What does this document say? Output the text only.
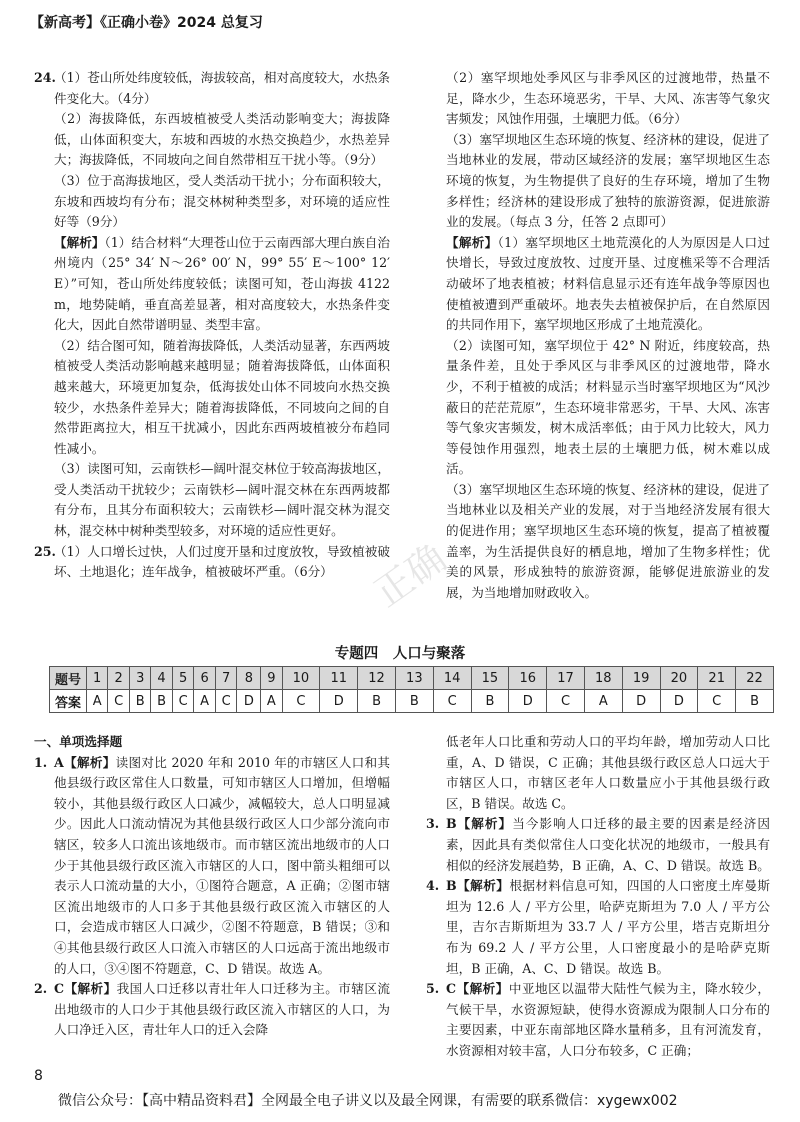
【新高考】《正确小卷》2024 总复习
正确

24.（1）苍山所处纬度较低，海拔较高，相对高度较大，水热条件变化大。（4分）

（2）海拔降低，东西坡植被受人类活动影响变大；海拔降低，山体面积变大，东坡和西坡的水热交换趋少，水热差异大；海拔降低，不同坡向之间自然带相互干扰小等。（9分）

（3）位于高海拔地区，受人类活动干扰小；分布面积较大，东坡和西坡均有分布；混交林树种类型多，对环境的适应性好等（9分）

【解析】（1）结合材料“大理苍山位于云南西部大理白族自治州境内（25° 34′ N～26° 00′ N，99° 55′ E～100° 12′ E）”可知，苍山所处纬度较低；读图可知，苍山海拔 4122 m，地势陡峭，垂直高差显著，相对高度较大，水热条件变化大，因此自然带谱明显、类型丰富。

（2）结合图可知，随着海拔降低，人类活动显著，东西两坡植被受人类活动影响越来越明显；随着海拔降低，山体面积越来越大，环境更加复杂，低海拔处山体不同坡向水热交换较少，水热条件差异大；随着海拔降低，不同坡向之间的自然带距离拉大，相互干扰减小，因此东西两坡植被分布趋同性减小。

（3）读图可知，云南铁杉—阔叶混交林位于较高海拔地区，受人类活动干扰较少；云南铁杉—阔叶混交林在东西两坡都有分布，且其分布面积较大；云南铁杉—阔叶混交林为混交林，混交林中树种类型较多，对环境的适应性更好。

25.（1）人口增长过快，人们过度开垦和过度放牧，导致植被破坏、土地退化；连年战争，植被破坏严重。（6分）

（2）塞罕坝地处季风区与非季风区的过渡地带，热量不足，降水少，生态环境恶劣，干旱、大风、冻害等气象灾害频发；风蚀作用强，土壤肥力低。（6分）

（3）塞罕坝地区生态环境的恢复、经济林的建设，促进了当地林业的发展，带动区域经济的发展；塞罕坝地区生态环境的恢复，为生物提供了良好的生存环境，增加了生物多样性；经济林的建设形成了独特的旅游资源，促进旅游业的发展。（每点 3 分，任答 2 点即可）

【解析】（1）塞罕坝地区土地荒漠化的人为原因是人口过快增长，导致过度放牧、过度开垦、过度樵采等不合理活动破坏了地表植被；材料信息显示还有连年战争等原因也使植被遭到严重破坏。地表失去植被保护后，在自然原因的共同作用下，塞罕坝地区形成了土地荒漠化。

（2）读图可知，塞罕坝位于 42° N 附近，纬度较高，热量条件差，且处于季风区与非季风区的过渡地带，降水少，不利于植被的成活；材料显示当时塞罕坝地区为“风沙蔽日的茫茫荒原”，生态环境非常恶劣，干旱、大风、冻害等气象灾害频发，树木成活率低；由于风力比较大，风力等侵蚀作用强烈，地表土层的土壤肥力低，树木难以成活。

（3）塞罕坝地区生态环境的恢复、经济林的建设，促进了当地林业以及相关产业的发展，对于当地经济发展有很大的促进作用；塞罕坝地区生态环境的恢复，提高了植被覆盖率，为生活提供良好的栖息地，增加了生物多样性；优美的风景，形成独特的旅游资源，能够促进旅游业的发展，为当地增加财政收入。

专题四　人口与聚落
题号	1	2	3	4	5	6	7	8	9	10	11	12	13	14	15	16	17	18	19	20	21	22
答案	A	C	B	B	C	A	C	D	A	C	D	B	B	C	B	D	C	A	D	D	C	B

一、单项选择题

1. A【解析】读图对比 2020 年和 2010 年的市辖区人口和其他县级行政区常住人口数量，可知市辖区人口增加，但增幅较小，其他县级行政区人口减少，减幅较大，总人口明显减少。因此人口流动情况为其他县级行政区人口少部分流向市辖区，较多人口流出该地级市。而市辖区流出地级市的人口少于其他县级行政区流入市辖区的人口，图中箭头粗细可以表示人口流动量的大小，①图符合题意，A 正确；②图市辖区流出地级市的人口多于其他县级行政区流入市辖区的人口，会造成市辖区人口减少，②图不符题意，B 错误；③和④其他县级行政区人口流入市辖区的人口远高于流出地级市的人口，③④图不符题意，C、D 错误。故选 A。

2. C【解析】我国人口迁移以青壮年人口迁移为主。市辖区流出地级市的人口少于其他县级行政区流入市辖区的人口，为人口净迁入区，青壮年人口的迁入会降

低老年人口比重和劳动人口的平均年龄，增加劳动人口比重，A、D 错误，C 正确；其他县级行政区总人口远大于市辖区人口，市辖区老年人口数量应小于其他县级行政区，B 错误。故选 C。

3. B【解析】当今影响人口迁移的最主要的因素是经济因素，因此具有类似常住人口变化状况的地级市，一般具有相似的经济发展趋势，B 正确，A、C、D 错误。故选 B。

4. B【解析】根据材料信息可知，四国的人口密度土库曼斯坦为 12.6 人 / 平方公里，哈萨克斯坦为 7.0 人 / 平方公里，吉尔吉斯斯坦为 33.7 人 / 平方公里，塔吉克斯坦分布为 69.2 人 / 平方公里，人口密度最小的是哈萨克斯坦，B 正确，A、C、D 错误。故选 B。

5. C【解析】中亚地区以温带大陆性气候为主，降水较少，气候干旱，水资源短缺，使得水资源成为限制人口分布的主要因素，中亚东南部地区降水量稍多，且有河流发育，水资源相对较丰富，人口分布较多，C 正确；

8
微信公众号：【高中精品资料君】全网最全电子讲义以及最全网课，有需要的联系微信：xygewx002
